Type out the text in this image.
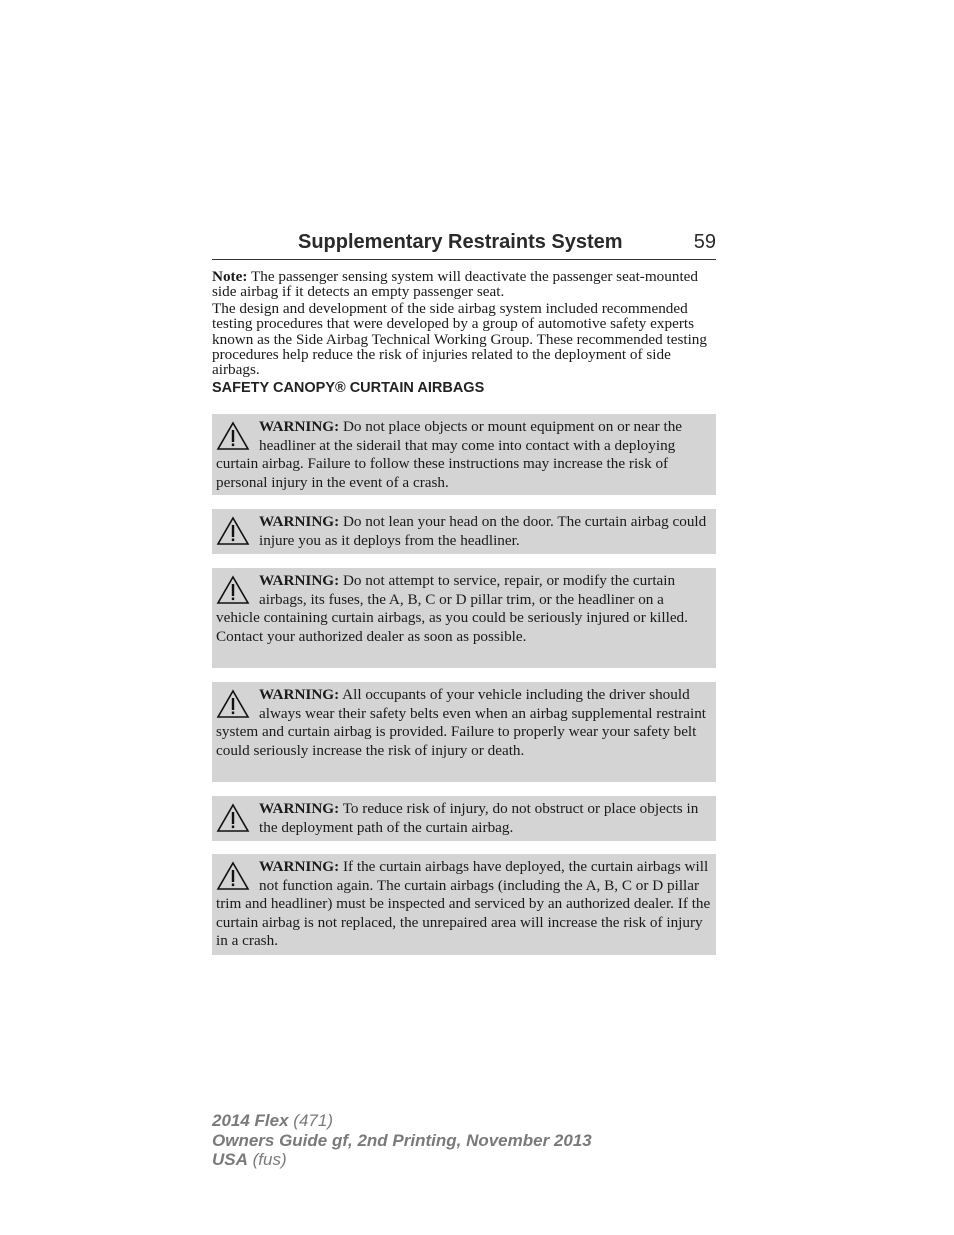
Supplementary Restraints System	59
Note: The passenger sensing system will deactivate the passenger seat-mounted side airbag if it detects an empty passenger seat.
The design and development of the side airbag system included recommended testing procedures that were developed by a group of automotive safety experts known as the Side Airbag Technical Working Group. These recommended testing procedures help reduce the risk of injuries related to the deployment of side airbags.
SAFETY CANOPY® CURTAIN AIRBAGS
WARNING: Do not place objects or mount equipment on or near the headliner at the siderail that may come into contact with a deploying curtain airbag. Failure to follow these instructions may increase the risk of personal injury in the event of a crash.
WARNING: Do not lean your head on the door. The curtain airbag could injure you as it deploys from the headliner.
WARNING: Do not attempt to service, repair, or modify the curtain airbags, its fuses, the A, B, C or D pillar trim, or the headliner on a vehicle containing curtain airbags, as you could be seriously injured or killed. Contact your authorized dealer as soon as possible.
WARNING: All occupants of your vehicle including the driver should always wear their safety belts even when an airbag supplemental restraint system and curtain airbag is provided. Failure to properly wear your safety belt could seriously increase the risk of injury or death.
WARNING: To reduce risk of injury, do not obstruct or place objects in the deployment path of the curtain airbag.
WARNING: If the curtain airbags have deployed, the curtain airbags will not function again. The curtain airbags (including the A, B, C or D pillar trim and headliner) must be inspected and serviced by an authorized dealer. If the curtain airbag is not replaced, the unrepaired area will increase the risk of injury in a crash.
2014 Flex (471)
Owners Guide gf, 2nd Printing, November 2013
USA (fus)
